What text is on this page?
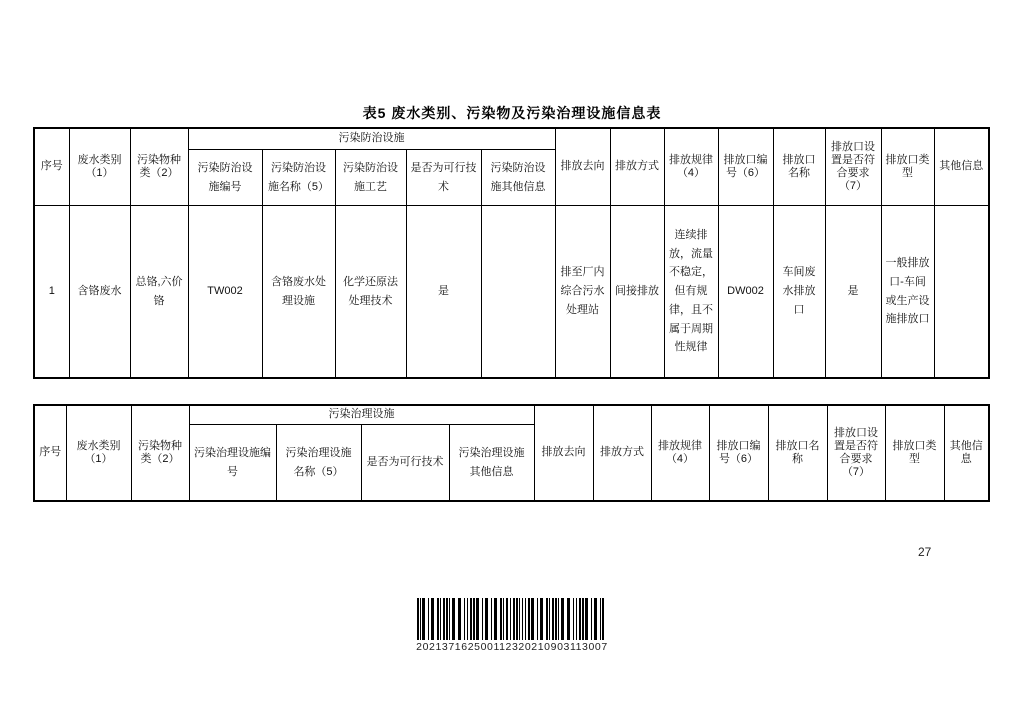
表5 废水类别、污染物及污染治理设施信息表
序号	废水类别（1）	污染物种类（2）	污染防治设施					排放去向	排放方式	排放规律（4）	排放口编号（6）	排放口名称	排放口设置是否符合要求（7）	排放口类型	其他信息
			污染防治设施编号	污染防治设施名称（5）	污染防治设施工艺	是否为可行技术	污染防治设施其他信息								
1	含铬废水	总铬,六价铬	TW002	含铬废水处理设施	化学还原法处理技术	是		排至厂内综合污水处理站	间接排放	连续排放，流量不稳定，但有规律，且不属于周期性规律	DW002	车间废水排放口	是	一般排放口-车间或生产设施排放口	
序号	废水类别（1）	污染物种类（2）	污染治理设施				排放去向	排放方式	排放规律（4）	排放口编号（6）	排放口名称	排放口设置是否符合要求（7）	排放口类型	其他信息
			污染治理设施编号	污染治理设施名称（5）	是否为可行技术	污染治理设施其他信息								
27
202137162500112320210903113007
